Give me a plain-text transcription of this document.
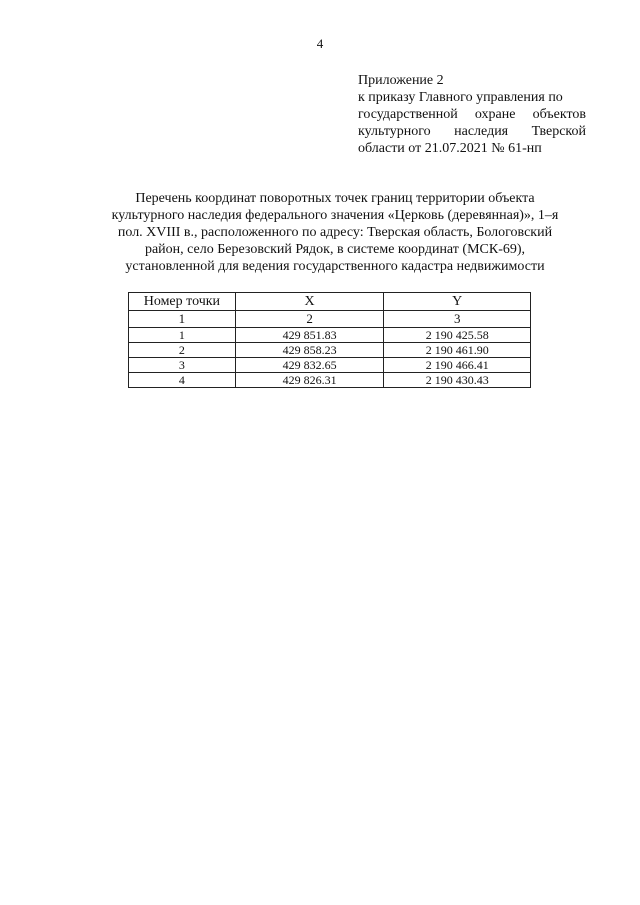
4
Приложение 2
к приказу Главного управления по
государственной охране объектов
культурного наследия Тверской
области от 21.07.2021 № 61-нп
Перечень координат поворотных точек границ территории объекта
культурного наследия федерального значения «Церковь (деревянная)», 1–я
пол. XVIII в., расположенного по адресу: Тверская область, Бологовский
район, село Березовский Рядок, в системе координат (МСК-69),
установленной для ведения государственного кадастра недвижимости
Номер точки	X	Y
1	2	3
1	429 851.83	2 190 425.58
2	429 858.23	2 190 461.90
3	429 832.65	2 190 466.41
4	429 826.31	2 190 430.43
